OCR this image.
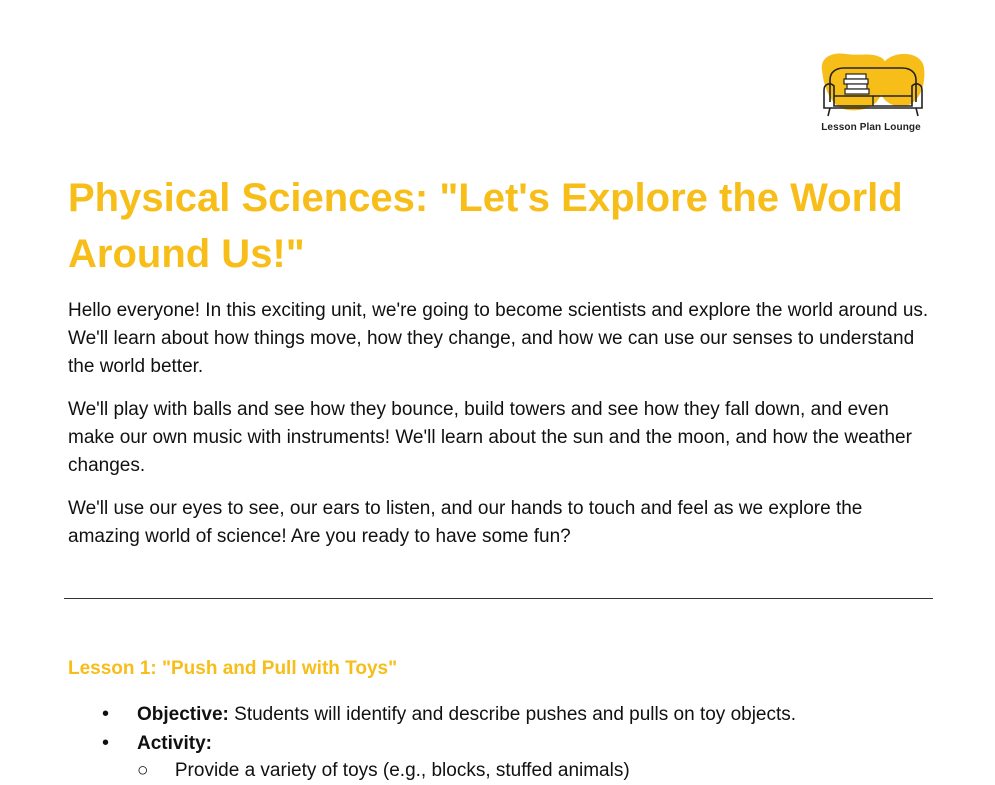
Lesson Plan Lounge
Physical Sciences: "Let's Explore the World Around Us!"

Hello everyone! In this exciting unit, we're going to become scientists and explore the world around us. We'll learn about how things move, how they change, and how we can use our senses to understand the world better.

We'll play with balls and see how they bounce, build towers and see how they fall down, and even make our own music with instruments! We'll learn about the sun and the moon, and how the weather changes.

We'll use our eyes to see, our ears to listen, and our hands to touch and feel as we explore the amazing world of science! Are you ready to have some fun?

Lesson 1: "Push and Pull with Toys"
• Objective: Students will identify and describe pushes and pulls on toy objects.
• Activity:
○     Provide a variety of toys (e.g., blocks, stuffed animals)
